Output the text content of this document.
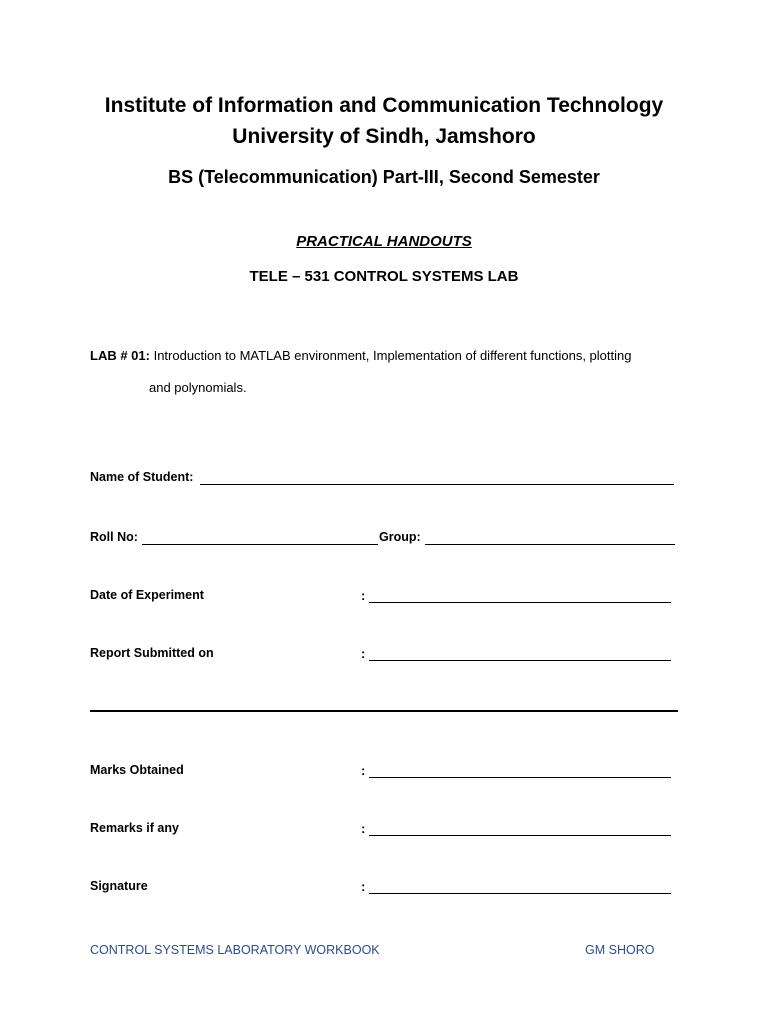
Institute of Information and Communication Technology
University of Sindh, Jamshoro
BS (Telecommunication) Part-III, Second Semester
PRACTICAL HANDOUTS
TELE – 531 CONTROL SYSTEMS LAB
LAB # 01: Introduction to MATLAB environment, Implementation of different functions, plotting
and polynomials.
Name of Student:
Roll No:	Group:
Date of Experiment	:
Report Submitted on	:
Marks Obtained	:
Remarks if any	:
Signature	:
CONTROL SYSTEMS LABORATORY WORKBOOK	GM SHORO
